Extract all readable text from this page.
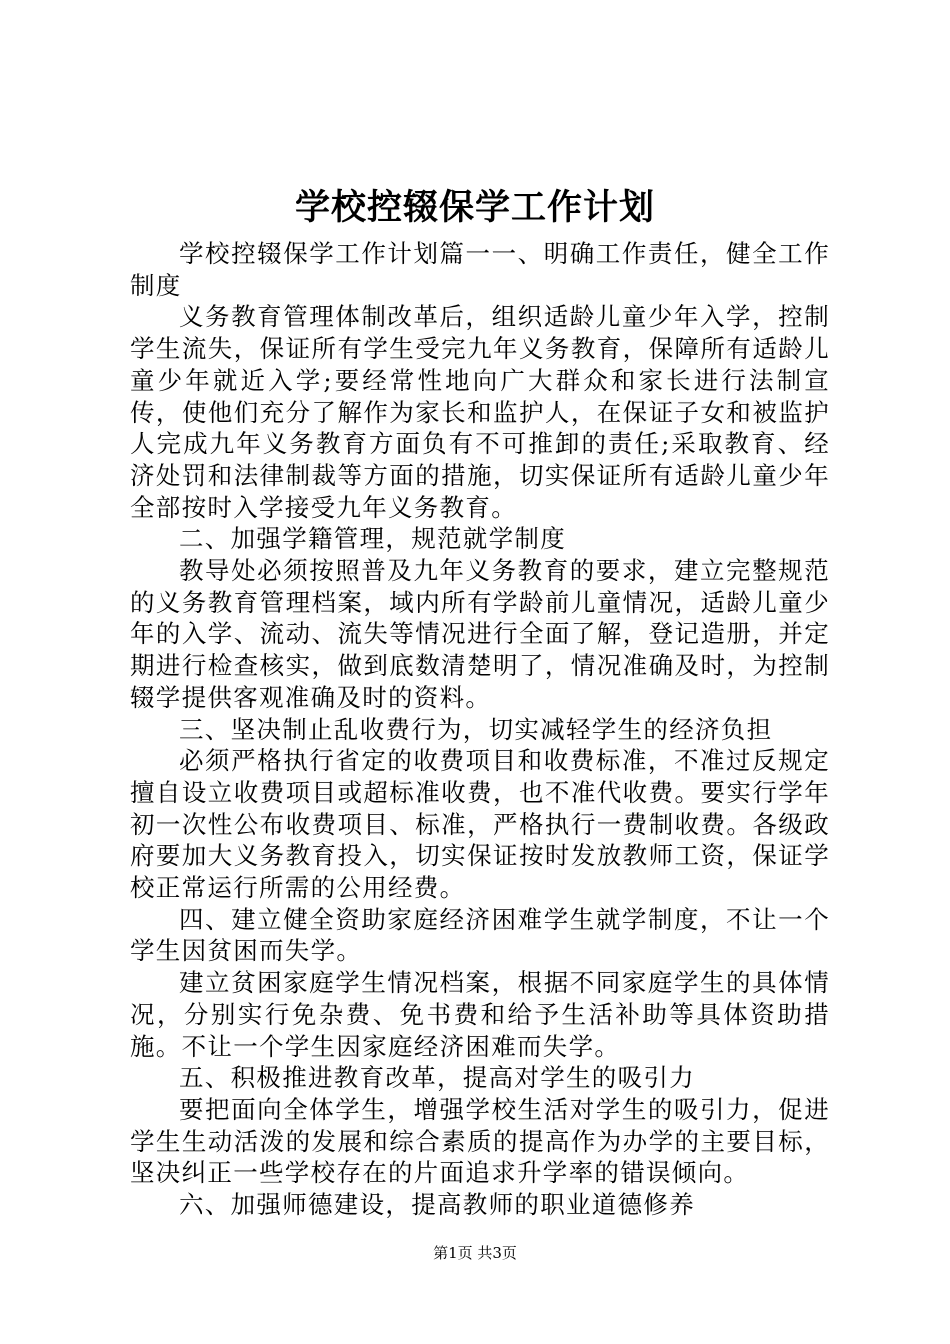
学校控辍保学工作计划

学校控辍保学工作计划篇一一、明确工作责任，健全工作制度

义务教育管理体制改革后，组织适龄儿童少年入学，控制学生流失，保证所有学生受完九年义务教育，保障所有适龄儿童少年就近入学;要经常性地向广大群众和家长进行法制宣传，使他们充分了解作为家长和监护人，在保证子女和被监护人完成九年义务教育方面负有不可推卸的责任;采取教育、经济处罚和法律制裁等方面的措施，切实保证所有适龄儿童少年全部按时入学接受九年义务教育。

二、加强学籍管理，规范就学制度

教导处必须按照普及九年义务教育的要求，建立完整规范的义务教育管理档案，域内所有学龄前儿童情况，适龄儿童少年的入学、流动、流失等情况进行全面了解，登记造册，并定期进行检查核实，做到底数清楚明了，情况准确及时，为控制辍学提供客观准确及时的资料。

三、坚决制止乱收费行为，切实减轻学生的经济负担

必须严格执行省定的收费项目和收费标准，不准过反规定擅自设立收费项目或超标准收费，也不准代收费。要实行学年初一次性公布收费项目、标准，严格执行一费制收费。各级政府要加大义务教育投入，切实保证按时发放教师工资，保证学校正常运行所需的公用经费。

四、建立健全资助家庭经济困难学生就学制度，不让一个学生因贫困而失学。

建立贫困家庭学生情况档案，根据不同家庭学生的具体情况，分别实行免杂费、免书费和给予生活补助等具体资助措施。不让一个学生因家庭经济困难而失学。

五、积极推进教育改革，提高对学生的吸引力

要把面向全体学生，增强学校生活对学生的吸引力，促进学生生动活泼的发展和综合素质的提高作为办学的主要目标，坚决纠正一些学校存在的片面追求升学率的错误倾向。

六、加强师德建设，提高教师的职业道德修养

第1页 共3页
